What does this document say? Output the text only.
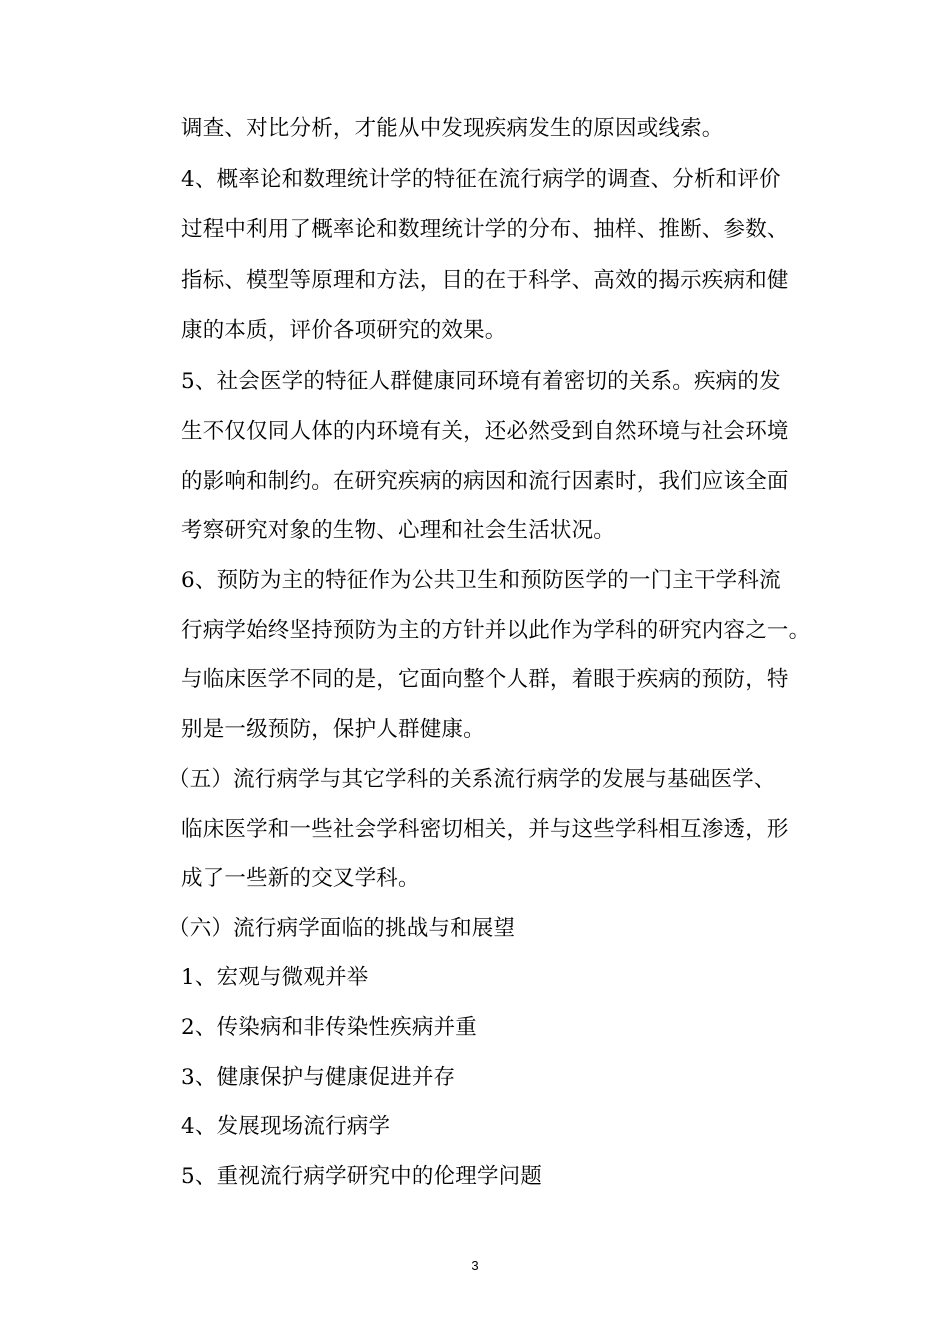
调查、对比分析，才能从中发现疾病发生的原因或线索。
4、概率论和数理统计学的特征在流行病学的调查、分析和评价
过程中利用了概率论和数理统计学的分布、抽样、推断、参数、
指标、模型等原理和方法，目的在于科学、高效的揭示疾病和健
康的本质，评价各项研究的效果。
5、社会医学的特征人群健康同环境有着密切的关系。疾病的发
生不仅仅同人体的内环境有关，还必然受到自然环境与社会环境
的影响和制约。在研究疾病的病因和流行因素时，我们应该全面
考察研究对象的生物、心理和社会生活状况。
6、预防为主的特征作为公共卫生和预防医学的一门主干学科流
行病学始终坚持预防为主的方针并以此作为学科的研究内容之一。
与临床医学不同的是，它面向整个人群，着眼于疾病的预防，特
别是一级预防，保护人群健康。
（五）流行病学与其它学科的关系流行病学的发展与基础医学、
临床医学和一些社会学科密切相关，并与这些学科相互渗透，形
成了一些新的交叉学科。
（六）流行病学面临的挑战与和展望
1、宏观与微观并举
2、传染病和非传染性疾病并重
3、健康保护与健康促进并存
4、发展现场流行病学
5、重视流行病学研究中的伦理学问题
3
